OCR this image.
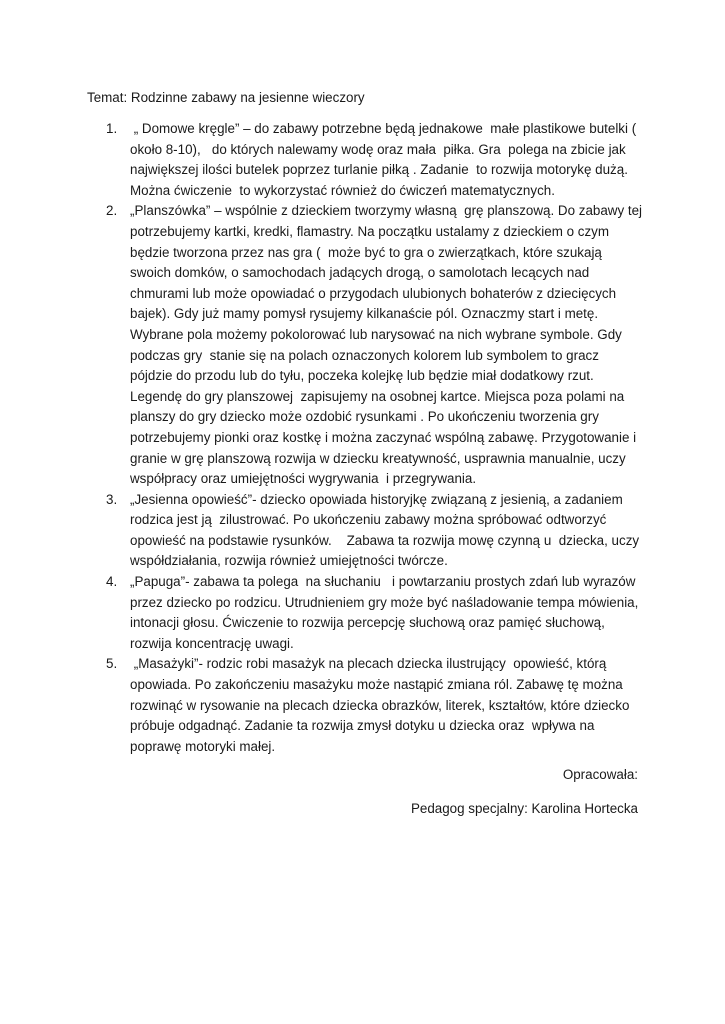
Temat: Rodzinne zabawy na jesienne wieczory
1. „ Domowe kręgle” – do zabawy potrzebne będą jednakowe  małe plastikowe butelki ( około 8-10),   do których nalewamy wodę oraz mała  piłka. Gra  polega na zbicie jak największej ilości butelek poprzez turlanie piłką . Zadanie  to rozwija motorykę dużą. Można ćwiczenie  to wykorzystać również do ćwiczeń matematycznych.
2. „Planszówka” – wspólnie z dzieckiem tworzymy własną  grę planszową. Do zabawy tej potrzebujemy kartki, kredki, flamastry. Na początku ustalamy z dzieckiem o czym będzie tworzona przez nas gra (  może być to gra o zwierzątkach, które szukają swoich domków, o samochodach jadących drogą, o samolotach lecących nad chmurami lub może opowiadać o przygodach ulubionych bohaterów z dziecięcych bajek). Gdy już mamy pomysł rysujemy kilkanaście pól. Oznaczmy start i metę. Wybrane pola możemy pokolorować lub narysować na nich wybrane symbole. Gdy podczas gry  stanie się na polach oznaczonych kolorem lub symbolem to gracz pójdzie do przodu lub do tyłu, poczeka kolejkę lub będzie miał dodatkowy rzut. Legendę do gry planszowej  zapisujemy na osobnej kartce. Miejsca poza polami na planszy do gry dziecko może ozdobić rysunkami . Po ukończeniu tworzenia gry potrzebujemy pionki oraz kostkę i można zaczynać wspólną zabawę. Przygotowanie i granie w grę planszową rozwija w dziecku kreatywność, usprawnia manualnie, uczy współpracy oraz umiejętności wygrywania  i przegrywania.
3. „Jesienna opowieść”- dziecko opowiada historyjkę związaną z jesienią, a zadaniem rodzica jest ją  zilustrować. Po ukończeniu zabawy można spróbować odtworzyć opowieść na podstawie rysunków.    Zabawa ta rozwija mowę czynną u  dziecka, uczy współdziałania, rozwija również umiejętności twórcze.
4. „Papuga”- zabawa ta polega  na słuchaniu   i powtarzaniu prostych zdań lub wyrazów przez dziecko po rodzicu. Utrudnieniem gry może być naśladowanie tempa mówienia, intonacji głosu. Ćwiczenie to rozwija percepcję słuchową oraz pamięć słuchową, rozwija koncentrację uwagi.
5. „Masażyki”- rodzic robi masażyk na plecach dziecka ilustrujący  opowieść, którą opowiada. Po zakończeniu masażyku może nastąpić zmiana ról. Zabawę tę można rozwinąć w rysowanie na plecach dziecka obrazków, literek, kształtów, które dziecko próbuje odgadnąć. Zadanie ta rozwija zmysł dotyku u dziecka oraz  wpływa na poprawę motoryki małej.
Opracowała:
Pedagog specjalny: Karolina Hortecka
